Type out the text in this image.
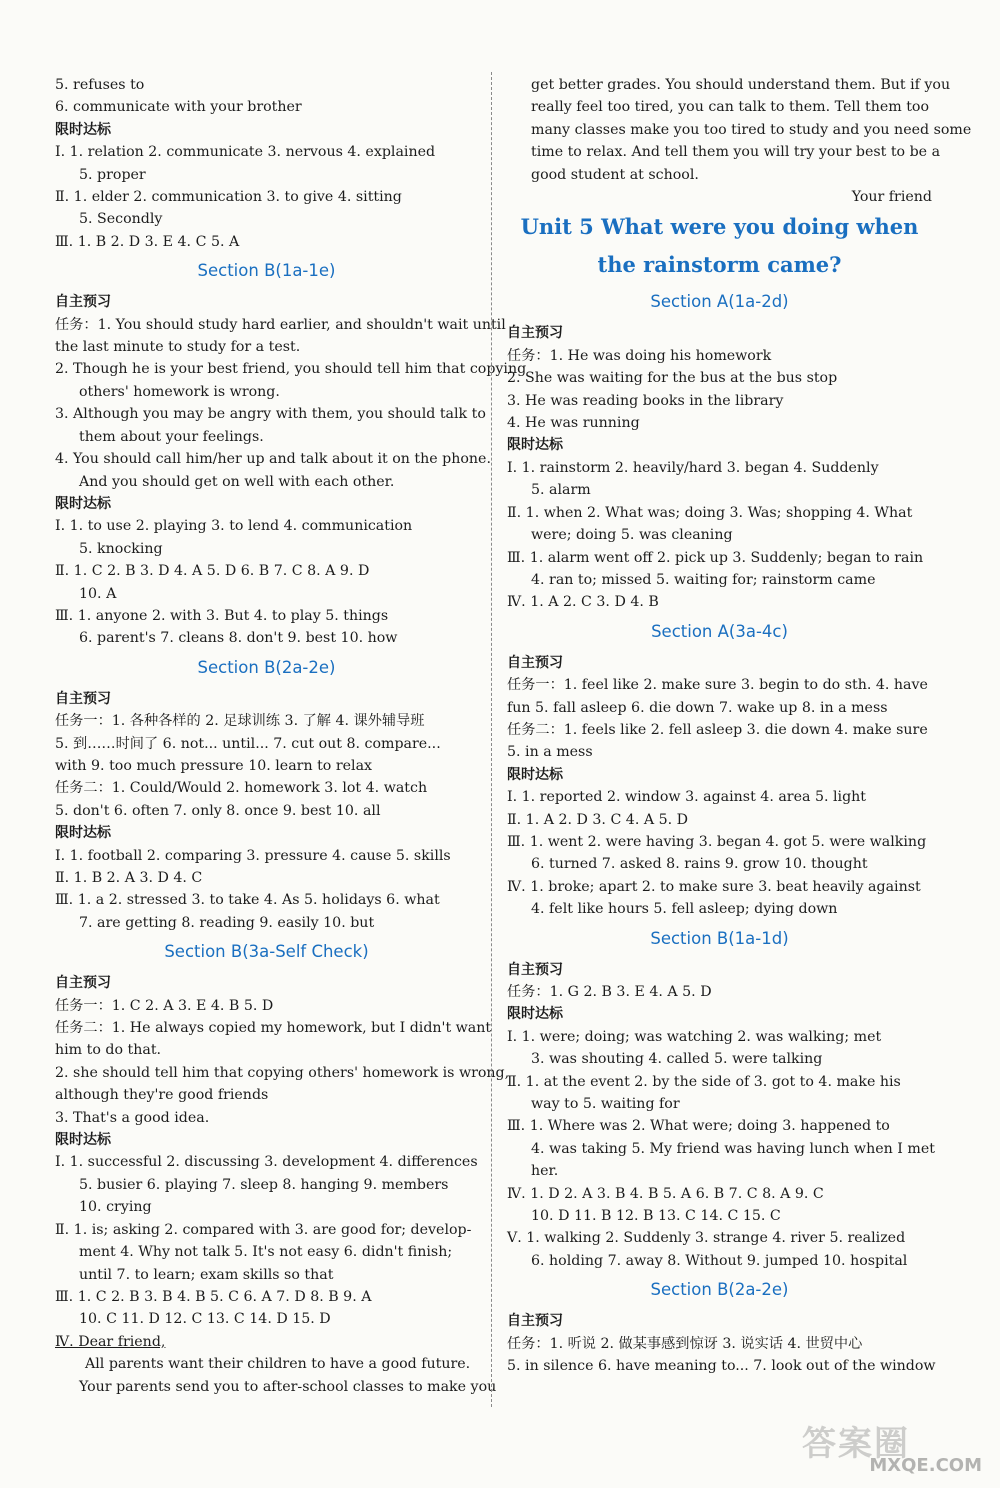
5. refuses to
6. communicate with your brother
限时达标
Ⅰ. 1. relation 2. communicate 3. nervous 4. explained
5. proper
Ⅱ. 1. elder 2. communication 3. to give 4. sitting
5. Secondly
Ⅲ. 1. B 2. D 3. E 4. C 5. A
Section B(1a-1e)
自主预习
任务：1. You should study hard earlier, and shouldn't wait until
the last minute to study for a test.
2. Though he is your best friend, you should tell him that copying
others' homework is wrong.
3. Although you may be angry with them, you should talk to
them about your feelings.
4. You should call him/her up and talk about it on the phone.
And you should get on well with each other.
限时达标
Ⅰ. 1. to use 2. playing 3. to lend 4. communication
5. knocking
Ⅱ. 1. C 2. B 3. D 4. A 5. D 6. B 7. C 8. A 9. D
10. A
Ⅲ. 1. anyone 2. with 3. But 4. to play 5. things
6. parent's 7. cleans 8. don't 9. best 10. how
Section B(2a-2e)
自主预习
任务一：1. 各种各样的 2. 足球训练 3. 了解 4. 课外辅导班
5. 到……时间了 6. not... until... 7. cut out 8. compare...
with 9. too much pressure 10. learn to relax
任务二：1. Could/Would 2. homework 3. lot 4. watch
5. don't 6. often 7. only 8. once 9. best 10. all
限时达标
Ⅰ. 1. football 2. comparing 3. pressure 4. cause 5. skills
Ⅱ. 1. B 2. A 3. D 4. C
Ⅲ. 1. a 2. stressed 3. to take 4. As 5. holidays 6. what
7. are getting 8. reading 9. easily 10. but
Section B(3a-Self Check)
自主预习
任务一：1. C 2. A 3. E 4. B 5. D
任务二：1. He always copied my homework, but I didn't want
him to do that.
2. she should tell him that copying others' homework is wrong,
although they're good friends
3. That's a good idea.
限时达标
Ⅰ. 1. successful 2. discussing 3. development 4. differences
5. busier 6. playing 7. sleep 8. hanging 9. members
10. crying
Ⅱ. 1. is; asking 2. compared with 3. are good for; develop-
ment 4. Why not talk 5. It's not easy 6. didn't finish;
until 7. to learn; exam skills so that
Ⅲ. 1. C 2. B 3. B 4. B 5. C 6. A 7. D 8. B 9. A
10. C 11. D 12. C 13. C 14. D 15. D
Ⅳ. Dear friend,
All parents want their children to have a good future.
Your parents send you to after-school classes to make you
get better grades. You should understand them. But if you
really feel too tired, you can talk to them. Tell them too
many classes make you too tired to study and you need some
time to relax. And tell them you will try your best to be a
good student at school.
Your friend
Unit 5 What were you doing when
the rainstorm came?
Section A(1a-2d)
自主预习
任务：1. He was doing his homework
2. She was waiting for the bus at the bus stop
3. He was reading books in the library
4. He was running
限时达标
Ⅰ. 1. rainstorm 2. heavily/hard 3. began 4. Suddenly
5. alarm
Ⅱ. 1. when 2. What was; doing 3. Was; shopping 4. What
were; doing 5. was cleaning
Ⅲ. 1. alarm went off 2. pick up 3. Suddenly; began to rain
4. ran to; missed 5. waiting for; rainstorm came
Ⅳ. 1. A 2. C 3. D 4. B
Section A(3a-4c)
自主预习
任务一：1. feel like 2. make sure 3. begin to do sth. 4. have
fun 5. fall asleep 6. die down 7. wake up 8. in a mess
任务二：1. feels like 2. fell asleep 3. die down 4. make sure
5. in a mess
限时达标
Ⅰ. 1. reported 2. window 3. against 4. area 5. light
Ⅱ. 1. A 2. D 3. C 4. A 5. D
Ⅲ. 1. went 2. were having 3. began 4. got 5. were walking
6. turned 7. asked 8. rains 9. grow 10. thought
Ⅳ. 1. broke; apart 2. to make sure 3. beat heavily against
4. felt like hours 5. fell asleep; dying down
Section B(1a-1d)
自主预习
任务：1. G 2. B 3. E 4. A 5. D
限时达标
Ⅰ. 1. were; doing; was watching 2. was walking; met
3. was shouting 4. called 5. were talking
Ⅱ. 1. at the event 2. by the side of 3. got to 4. make his
way to 5. waiting for
Ⅲ. 1. Where was 2. What were; doing 3. happened to
4. was taking 5. My friend was having lunch when I met
her.
Ⅳ. 1. D 2. A 3. B 4. B 5. A 6. B 7. C 8. A 9. C
10. D 11. B 12. B 13. C 14. C 15. C
Ⅴ. 1. walking 2. Suddenly 3. strange 4. river 5. realized
6. holding 7. away 8. Without 9. jumped 10. hospital
Section B(2a-2e)
自主预习
任务：1. 听说 2. 做某事感到惊讶 3. 说实话 4. 世贸中心
5. in silence 6. have meaning to... 7. look out of the window
答案圈
MXQE.COM
